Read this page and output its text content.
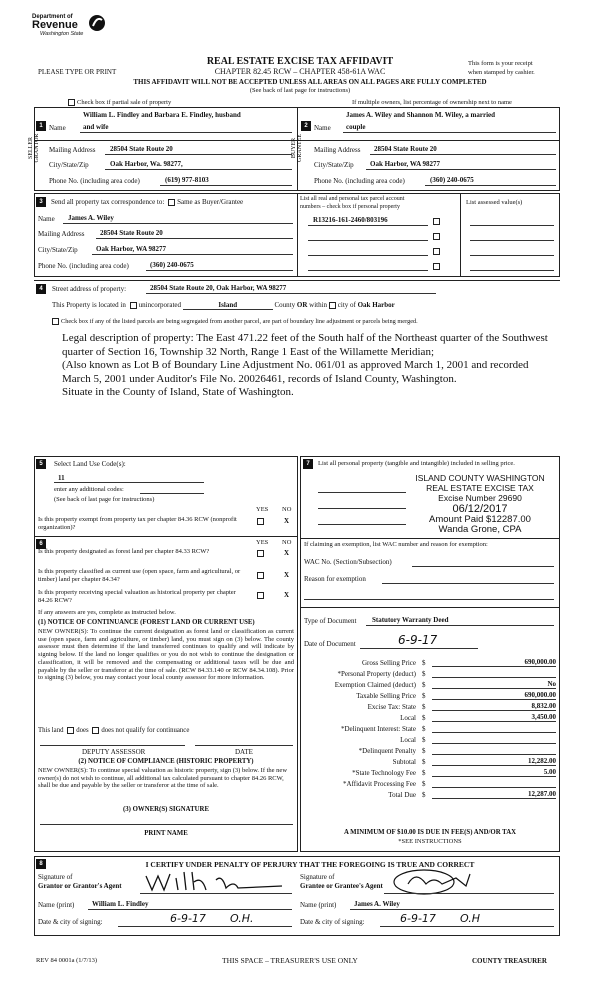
Department of
Revenue
Washington State
REAL ESTATE EXCISE TAX AFFIDAVIT
CHAPTER 82.45 RCW – CHAPTER 458-61A WAC
PLEASE TYPE OR PRINT
This form is your receipt
when stamped by cashier.
THIS AFFIDAVIT WILL NOT BE ACCEPTED UNLESS ALL AREAS ON ALL PAGES ARE FULLY COMPLETED
(See back of last page for instructions)
Check box if partial sale of property	If multiple owners, list percentage of ownership next to name
1	2
SELLER GRANTOR	BUYER GRANTEE
Name
William L. Findley and Barbara E. Findley, husband
and wife
Mailing Address 28504 State Route 20
City/State/Zip	Oak Harbor, Wa. 98277,
Phone No. (including area code)	(619) 977-8103
Name
James A. Wiley and Shannon M. Wiley, a married
couple
Mailing Address 28504 State Route 20
City/State/Zip Oak Harbor, WA 98277
Phone No. (including area code)	(360) 240-0675
3	Send all property tax correspondence to: Same as Buyer/Grantee
Name James A. Wiley
Mailing Address 28504 State Route 20
City/State/Zip	Oak Harbor, WA 98277
Phone No. (including area code)	(360) 240-0675
List all real and personal tax parcel account
numbers – check box if personal property
List assessed value(s)
R13216-161-2460/803196
4	Street address of property:	28504 State Route 20, Oak Harbor, WA 98277
This Property is located in unincorporated	Island	County OR within city of Oak Harbor
Check box if any of the listed parcels are being segregated from another parcel, are part of boundary line adjustment or parcels being merged.
Legal description of property: The East 471.22 feet of the South half of the Northeast quarter of the Southwest quarter of Section 16, Township 32 North, Range 1 East of the Willamette Meridian;
(Also known as Lot B of Boundary Line Adjustment No. 061/01 as approved March 1, 2001 and recorded March 5, 2001 under Auditor's File No. 20026461, records of Island County, Washington.
Situate in the County of Island, State of Washington.
5	Select Land Use Code(s):
11
enter any additional codes:
(See back of last page for instructions)
YES NO
Is this property exempt from property tax per chapter 84.36 RCW (nonprofit organization)?
X
6	YES NO
Is this property designated as forest land per chapter 84.33 RCW?	X
Is this property classified as current use (open space, farm and agricultural, or timber) land per chapter 84.34?	X
Is this property receiving special valuation as historical property per chapter 84.26 RCW?
X
If any answers are yes, complete as instructed below.
(1) NOTICE OF CONTINUANCE (FOREST LAND OR CURRENT USE)
NEW OWNER(S): To continue the current designation as forest land or classification as current use (open space, farm and agriculture, or timber) land, you must sign on (3) below. The county assessor must then determine if the land transferred continues to qualify and will indicate by signing below. If the land no longer qualifies or you do not wish to continue the designation or classification, it will be removed and the compensating or additional taxes will be due and payable by the seller or transferor at the time of sale. (RCW 84.33.140 or RCW 84.34.108). Prior to signing (3) below, you may contact your local county assessor for more information.
This land does does not qualify for continuance
DEPUTY ASSESSOR	DATE
(2) NOTICE OF COMPLIANCE (HISTORIC PROPERTY)
NEW OWNER(S): To continue special valuation as historic property, sign (3) below. If the new owner(s) do not wish to continue, all additional tax calculated pursuant to chapter 84.26 RCW, shall be due and payable by the seller or transferor at the time of sale.
(3) OWNER(S) SIGNATURE
PRINT NAME
7	List all personal property (tangible and intangible) included in selling price.
ISLAND COUNTY WASHINGTON
REAL ESTATE EXCISE TAX
Excise Number 29690
06/12/2017
Amount Paid $12287.00
Wanda Grone, CPA
If claiming an exemption, list WAC number and reason for exemption:
WAC No. (Section/Subsection)
Reason for exemption
Type of Document Statutory Warranty Deed
Date of Document	6-9-17
Gross Selling Price $	690,000.00
*Personal Property (deduct) $
Exemption Claimed (deduct) $	No
Taxable Selling Price $	690,000.00
Excise Tax: State $	8,832.00
Local $	3,450.00
*Delinquent Interest: State $
Local $
*Delinquent Penalty $
Subtotal $	12,282.00
*State Technology Fee $	5.00
*Affidavit Processing Fee $
Total Due $	12,287.00
A MINIMUM OF $10.00 IS DUE IN FEE(S) AND/OR TAX
*SEE INSTRUCTIONS
8	I CERTIFY UNDER PENALTY OF PERJURY THAT THE FOREGOING IS TRUE AND CORRECT
Signature of
Grantor or Grantor's Agent
Name (print)	William L. Findley
Date & city of signing:	6-9-17 O.H.
Signature of
Grantee or Grantee's Agent
Name (print)	James A. Wiley
Date & city of signing:	6-9-17 O.H
REV 84 0001a (1/7/13)	THIS SPACE – TREASURER'S USE ONLY	COUNTY TREASURER
